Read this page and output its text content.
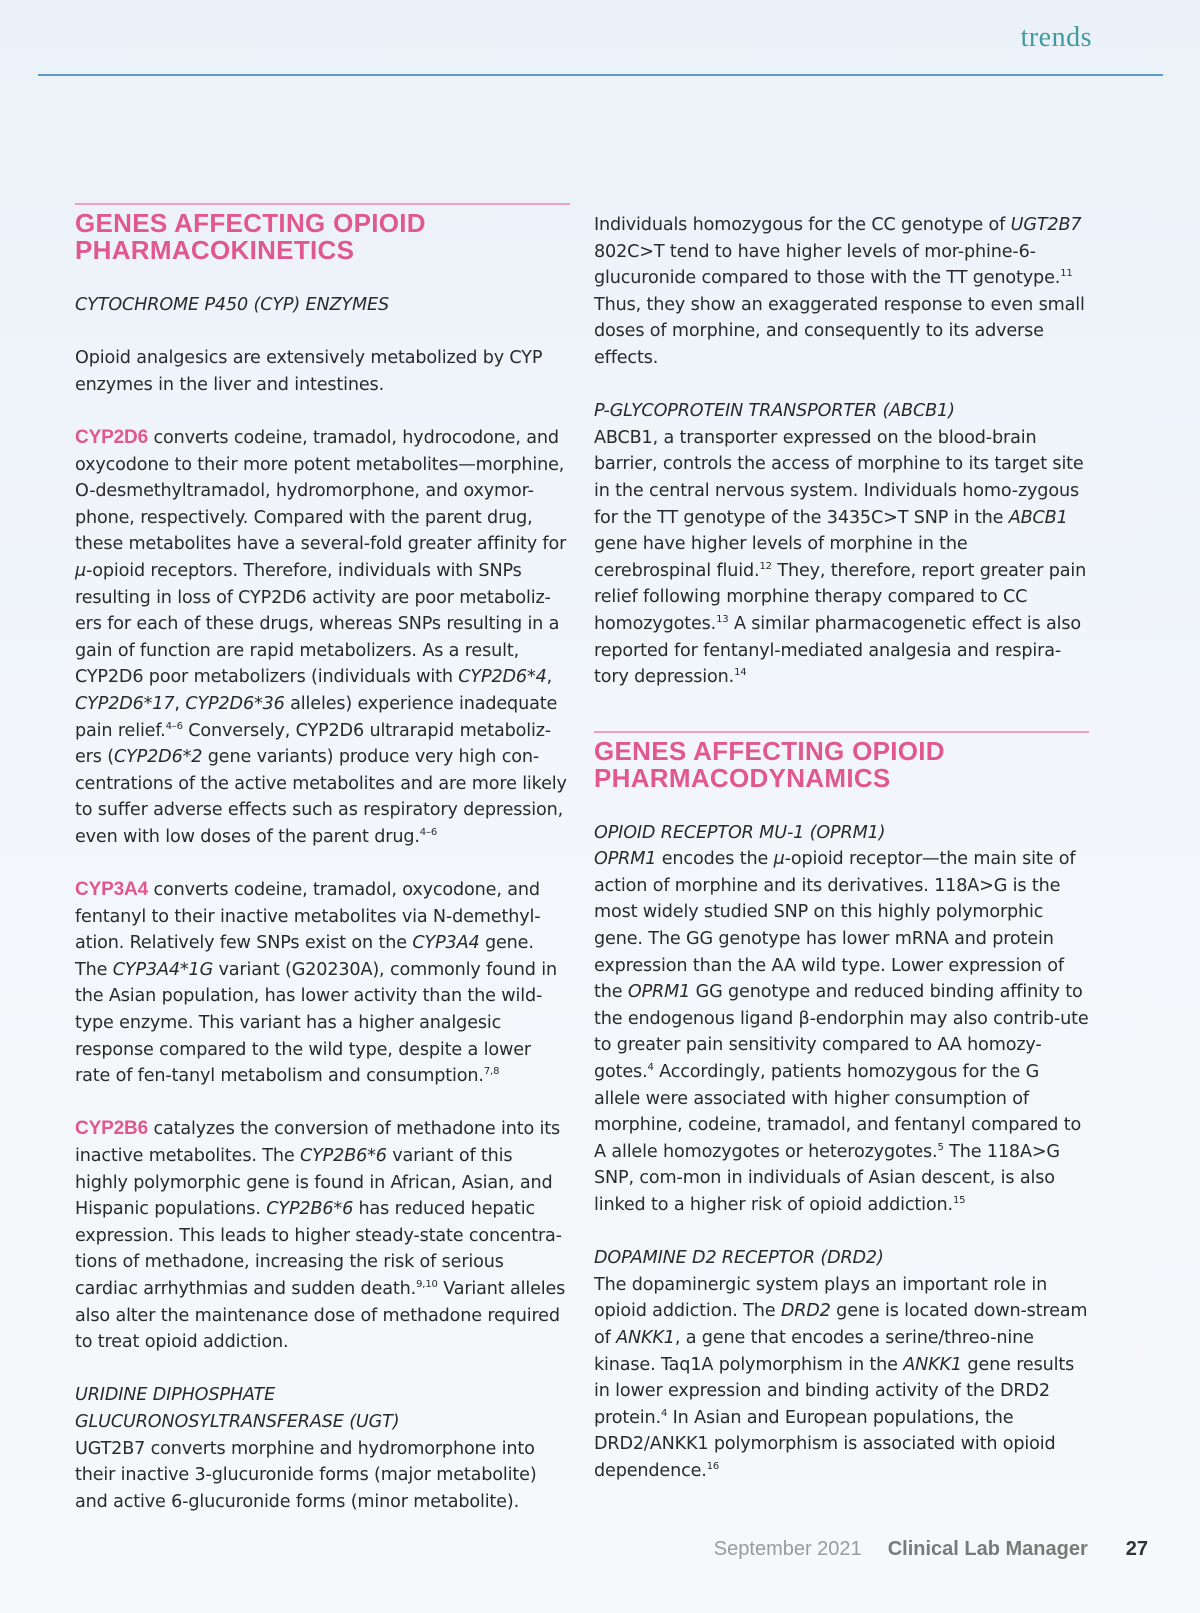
trends
GENES AFFECTING OPIOID
PHARMACOKINETICS

CYTOCHROME P450 (CYP) ENZYMES

Opioid analgesics are extensively metabolized by CYP enzymes in the liver and intestines.

CYP2D6 converts codeine, tramadol, hydrocodone, and oxycodone to their more potent metabolites—morphine, O-desmethyltramadol, hydromorphone, and oxymor-phone, respectively. Compared with the parent drug, these metabolites have a several-fold greater affinity for μ-opioid receptors. Therefore, individuals with SNPs resulting in loss of CYP2D6 activity are poor metaboliz-ers for each of these drugs, whereas SNPs resulting in a gain of function are rapid metabolizers. As a result, CYP2D6 poor metabolizers (individuals with CYP2D6*4, CYP2D6*17, CYP2D6*36 alleles) experience inadequate pain relief.$^{4-6}$ Conversely, CYP2D6 ultrarapid metaboliz-ers (CYP2D6*2 gene variants) produce very high con-centrations of the active metabolites and are more likely to suffer adverse effects such as respiratory depression, even with low doses of the parent drug.$^{4-6}$

CYP3A4 converts codeine, tramadol, oxycodone, and fentanyl to their inactive metabolites via N-demethyl-ation. Relatively few SNPs exist on the CYP3A4 gene. The CYP3A4*1G variant (G20230A), commonly found in the Asian population, has lower activity than the wild-type enzyme. This variant has a higher analgesic response compared to the wild type, despite a lower rate of fen-tanyl metabolism and consumption.$^{7,8}$

CYP2B6 catalyzes the conversion of methadone into its inactive metabolites. The CYP2B6*6 variant of this highly polymorphic gene is found in African, Asian, and Hispanic populations. CYP2B6*6 has reduced hepatic expression. This leads to higher steady-state concentra-tions of methadone, increasing the risk of serious cardiac arrhythmias and sudden death.$^{9,10}$ Variant alleles also alter the maintenance dose of methadone required to treat opioid addiction.

URIDINE DIPHOSPHATE
GLUCURONOSYLTRANSFERASE (UGT)

UGT2B7 converts morphine and hydromorphone into their inactive 3-glucuronide forms (major metabolite) and active 6-glucuronide forms (minor metabolite).

Individuals homozygous for the CC genotype of UGT2B7 802C>T tend to have higher levels of mor-phine-6-glucuronide compared to those with the TT genotype.$^{11}$ Thus, they show an exaggerated response to even small doses of morphine, and consequently to its adverse effects.

P-GLYCOPROTEIN TRANSPORTER (ABCB1)

ABCB1, a transporter expressed on the blood-brain barrier, controls the access of morphine to its target site in the central nervous system. Individuals homo-zygous for the TT genotype of the 3435C>T SNP in the ABCB1 gene have higher levels of morphine in the cerebrospinal fluid.$^{12}$ They, therefore, report greater pain relief following morphine therapy compared to CC homozygotes.$^{13}$ A similar pharmacogenetic effect is also reported for fentanyl-mediated analgesia and respira-tory depression.$^{14}$

GENES AFFECTING OPIOID
PHARMACODYNAMICS

OPIOID RECEPTOR MU-1 (OPRM1)

OPRM1 encodes the μ-opioid receptor—the main site of action of morphine and its derivatives. 118A>G is the most widely studied SNP on this highly polymorphic gene. The GG genotype has lower mRNA and protein expression than the AA wild type. Lower expression of the OPRM1 GG genotype and reduced binding affinity to the endogenous ligand β-endorphin may also contrib-ute to greater pain sensitivity compared to AA homozy-gotes.$^4$ Accordingly, patients homozygous for the G allele were associated with higher consumption of morphine, codeine, tramadol, and fentanyl compared to A allele homozygotes or heterozygotes.$^5$ The 118A>G SNP, com-mon in individuals of Asian descent, is also linked to a higher risk of opioid addiction.$^{15}$

DOPAMINE D2 RECEPTOR (DRD2)

The dopaminergic system plays an important role in opioid addiction. The DRD2 gene is located down-stream of ANKK1, a gene that encodes a serine/threo-nine kinase. Taq1A polymorphism in the ANKK1 gene results in lower expression and binding activity of the DRD2 protein.$^4$ In Asian and European populations, the DRD2/ANKK1 polymorphism is associated with opioid dependence.$^{16}$

September 2021 Clinical Lab Manager 27
